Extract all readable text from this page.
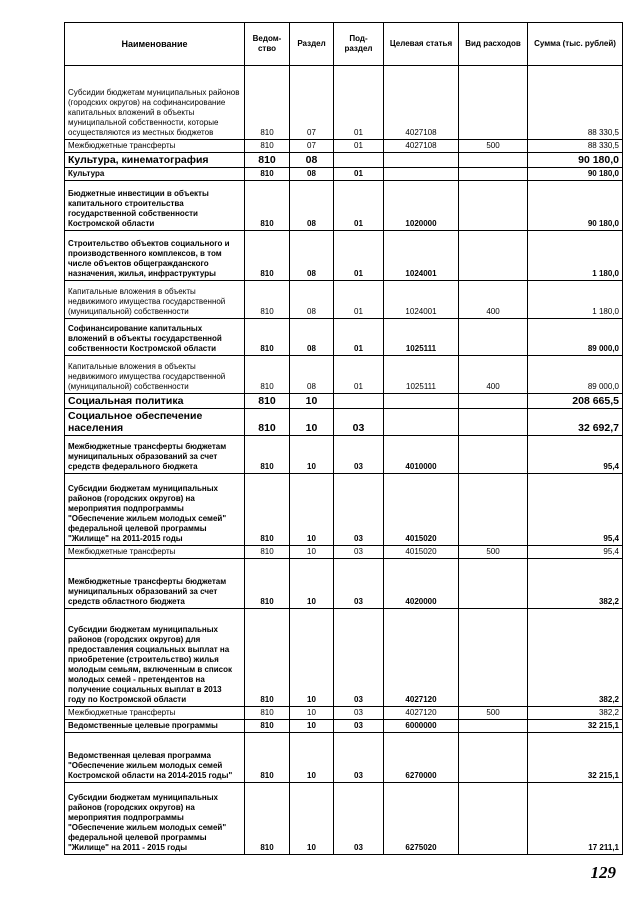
Наименование	Ведом-ство	Раздел	Под-раздел	Целевая статья	Вид расходов	Сумма (тыс. рублей)
Субсидии бюджетам муниципальных районов (городских округов) на софинансирование капитальных вложений в объекты муниципальной собственности, которые осуществляются из местных бюджетов	810	07	01	4027108		88 330,5
Межбюджетные трансферты	810	07	01	4027108	500	88 330,5
Культура, кинематография	810	08				90 180,0
Культура	810	08	01			90 180,0
Бюджетные инвестиции в объекты капитального строительства государственной собственности Костромской области	810	08	01	1020000		90 180,0
Строительство объектов социального и производственного комплексов, в том числе объектов общегражданского назначения, жилья, инфраструктуры	810	08	01	1024001		1 180,0
Капитальные вложения в объекты недвижимого имущества государственной (муниципальной) собственности	810	08	01	1024001	400	1 180,0
Софинансирование капитальных вложений в объекты государственной собственности Костромской области	810	08	01	1025111		89 000,0
Капитальные вложения в объекты недвижимого имущества государственной (муниципальной) собственности	810	08	01	1025111	400	89 000,0
Социальная политика	810	10				208 665,5
Социальное обеспечение населения	810	10	03			32 692,7
Межбюджетные трансферты бюджетам муниципальных образований за счет средств федерального бюджета	810	10	03	4010000		95,4
Субсидии бюджетам муниципальных районов (городских округов) на мероприятия подпрограммы "Обеспечение жильем молодых семей" федеральной целевой программы "Жилище" на 2011-2015 годы	810	10	03	4015020		95,4
Межбюджетные трансферты	810	10	03	4015020	500	95,4
Межбюджетные трансферты бюджетам муниципальных образований за счет средств областного бюджета	810	10	03	4020000		382,2
Субсидии бюджетам муниципальных районов (городских округов) для предоставления социальных выплат на приобретение (строительство) жилья молодым семьям, включенным в список молодых семей - претендентов на получение социальных выплат в 2013 году по Костромской области	810	10	03	4027120		382,2
Межбюджетные трансферты	810	10	03	4027120	500	382,2
Ведомственные целевые программы	810	10	03	6000000		32 215,1
Ведомственная целевая программа "Обеспечение жильем молодых семей Костромской области на 2014-2015 годы"	810	10	03	6270000		32 215,1
Субсидии бюджетам муниципальных районов (городских округов) на мероприятия подпрограммы "Обеспечение жильем молодых семей" федеральной целевой программы "Жилище" на 2011 - 2015 годы	810	10	03	6275020		17 211,1
129
